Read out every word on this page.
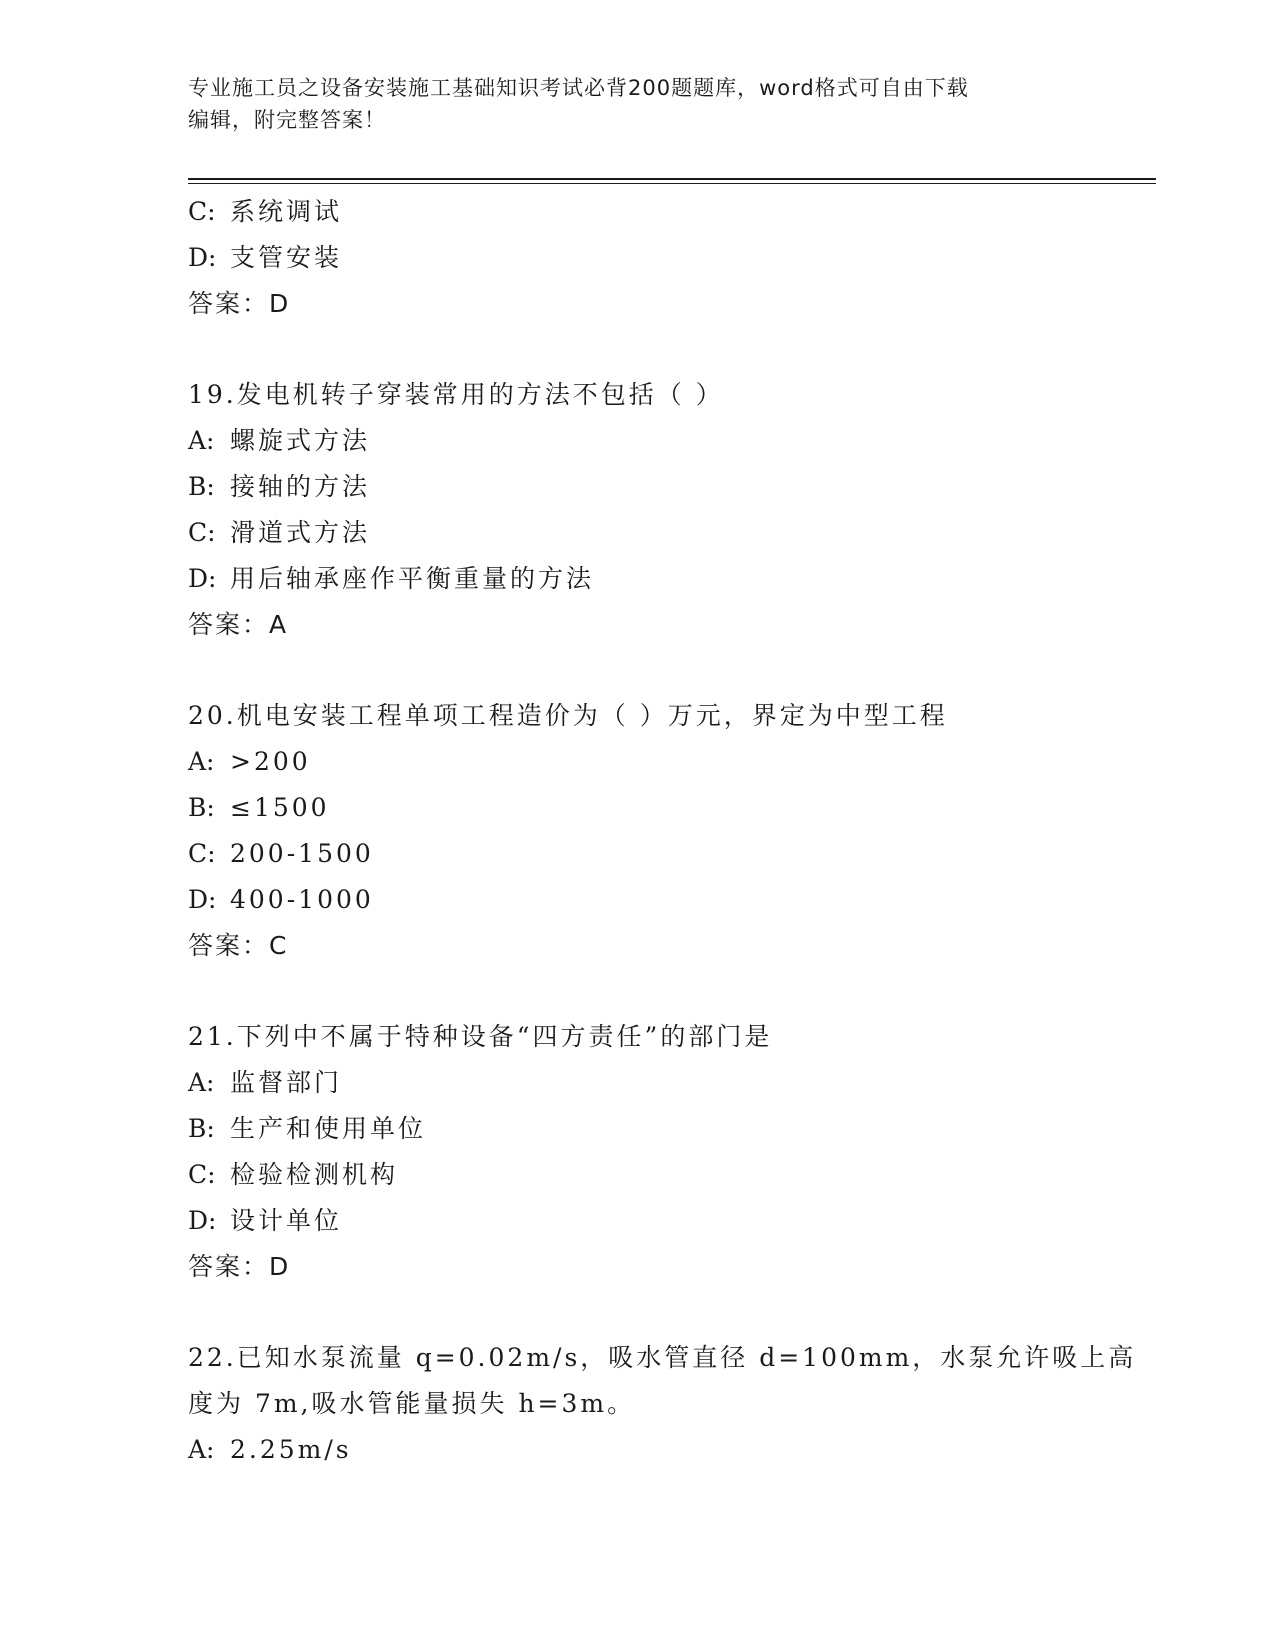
专业施工员之设备安装施工基础知识考试必背200题题库，word格式可自由下载
编辑，附完整答案！
C: 系统调试
D: 支管安装
答案：D
19.发电机转子穿装常用的方法不包括（ ）
A: 螺旋式方法
B: 接轴的方法
C: 滑道式方法
D: 用后轴承座作平衡重量的方法
答案：A
20.机电安装工程单项工程造价为（ ）万元，界定为中型工程
A: >200
B: ≤1500
C: 200-1500
D: 400-1000
答案：C
21.下列中不属于特种设备“四方责任”的部门是
A: 监督部门
B: 生产和使用单位
C: 检验检测机构
D: 设计单位
答案：D
22.已知水泵流量 q=0.02m/s，吸水管直径 d=100mm，水泵允许吸上高
度为 7m,吸水管能量损失 h=3m。
A: 2.25m/s
